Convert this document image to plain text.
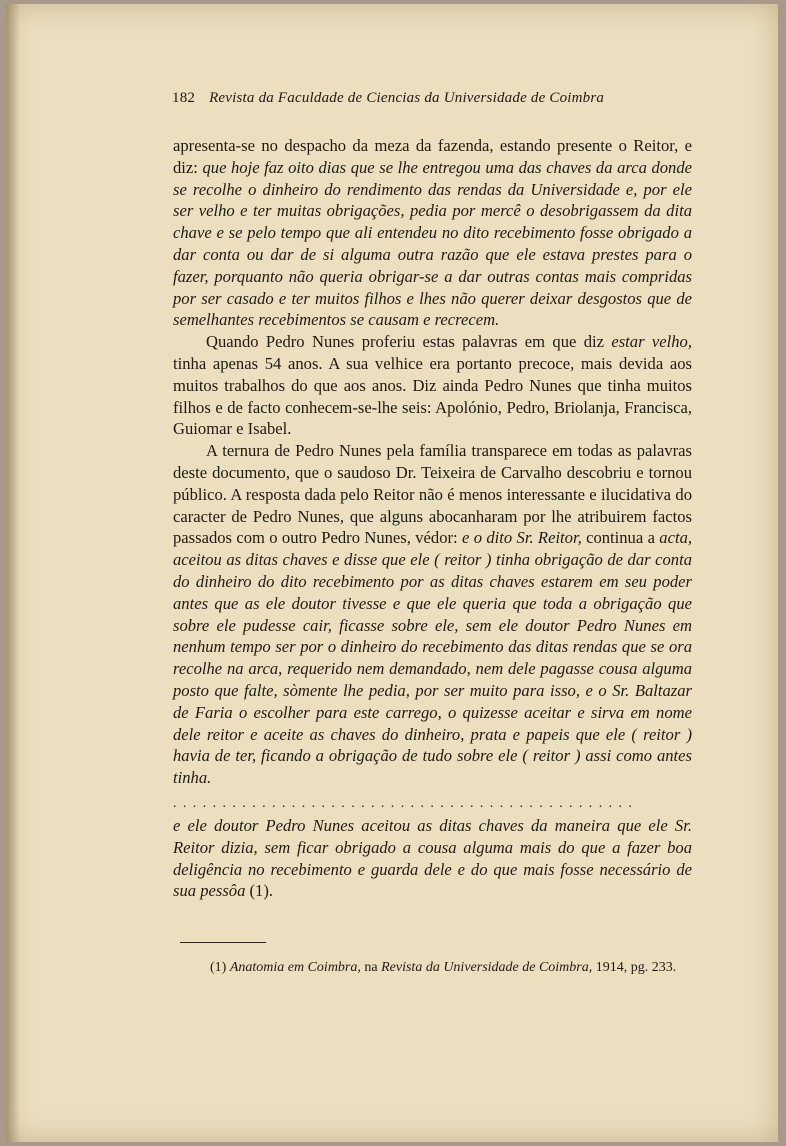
182 Revista da Faculdade de Ciencias da Universidade de Coimbra

apresenta-se no despacho da meza da fazenda, estando presente o Reitor, e diz: que hoje faz oito dias que se lhe entregou uma das chaves da arca donde se recolhe o dinheiro do rendimento das rendas da Universidade e, por ele ser velho e ter muitas obrigações, pedia por mercê o desobrigassem da dita chave e se pelo tempo que ali entendeu no dito recebimento fosse obrigado a dar conta ou dar de si alguma outra razão que ele estava prestes para o fazer, porquanto não queria obrigar-se a dar outras contas mais compridas por ser casado e ter muitos filhos e lhes não querer deixar desgostos que de semelhantes recebimentos se causam e recrecem.

Quando Pedro Nunes proferiu estas palavras em que diz estar velho, tinha apenas 54 anos. A sua velhice era portanto precoce, mais devida aos muitos trabalhos do que aos anos. Diz ainda Pedro Nunes que tinha muitos filhos e de facto conhecem-se-lhe seis: Apolónio, Pedro, Briolanja, Francisca, Guiomar e Isabel.

A ternura de Pedro Nunes pela família transparece em todas as palavras deste documento, que o saudoso Dr. Teixeira de Carvalho descobriu e tornou público. A resposta dada pelo Reitor não é menos interessante e ilucidativa do caracter de Pedro Nunes, que alguns abocanharam por lhe atribuirem factos passados com o outro Pedro Nunes, védor: e o dito Sr. Reitor, continua a acta, aceitou as ditas chaves e disse que ele ( reitor ) tinha obrigação de dar conta do dinheiro do dito recebimento por as ditas chaves estarem em seu poder antes que as ele doutor tivesse e que ele queria que toda a obrigação que sobre ele pudesse cair, ficasse sobre ele, sem ele doutor Pedro Nunes em nenhum tempo ser por o dinheiro do recebimento das ditas rendas que se ora recolhe na arca, requerido nem demandado, nem dele pagasse cousa alguma posto que falte, sòmente lhe pedia, por ser muito para isso, e o Sr. Baltazar de Faria o escolher para este carrego, o quizesse aceitar e sirva em nome dele reitor e aceite as chaves do dinheiro, prata e papeis que ele ( reitor ) havia de ter, ficando a obrigação de tudo sobre ele ( reitor ) assi como antes tinha.

...............................................

e ele doutor Pedro Nunes aceitou as ditas chaves da maneira que ele Sr. Reitor dizia, sem ficar obrigado a cousa alguma mais do que a fazer boa deligência no recebimento e guarda dele e do que mais fosse necessário de sua pessôa (1).

(1) Anatomia em Coimbra, na Revista da Universidade de Coimbra, 1914, pg. 233.
